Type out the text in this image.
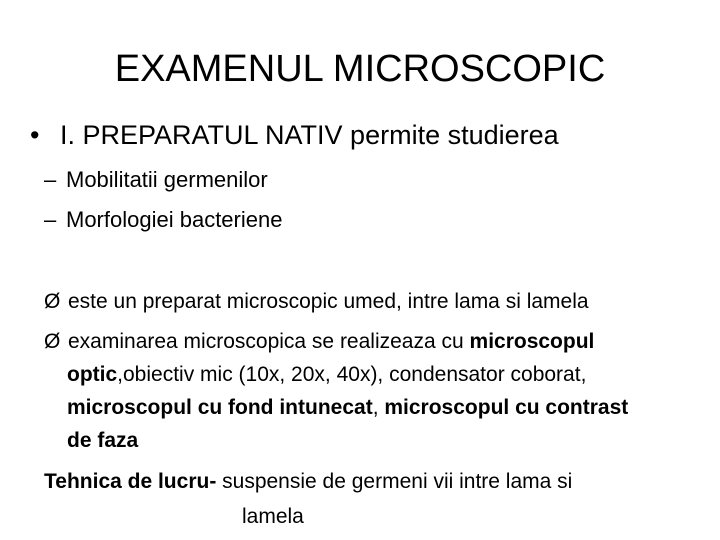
EXAMENUL MICROSCOPIC
• I. PREPARATUL NATIV permite studierea
– Mobilitatii germenilor
– Morfologiei bacteriene
Ø este un preparat microscopic umed, intre lama si lamela
Ø examinarea microscopica se realizeaza cu microscopul
optic,obiectiv mic (10x, 20x, 40x), condensator coborat,
microscopul cu fond intunecat, microscopul cu contrast
de faza
Tehnica de lucru- suspensie de germeni vii intre lama si
lamela
